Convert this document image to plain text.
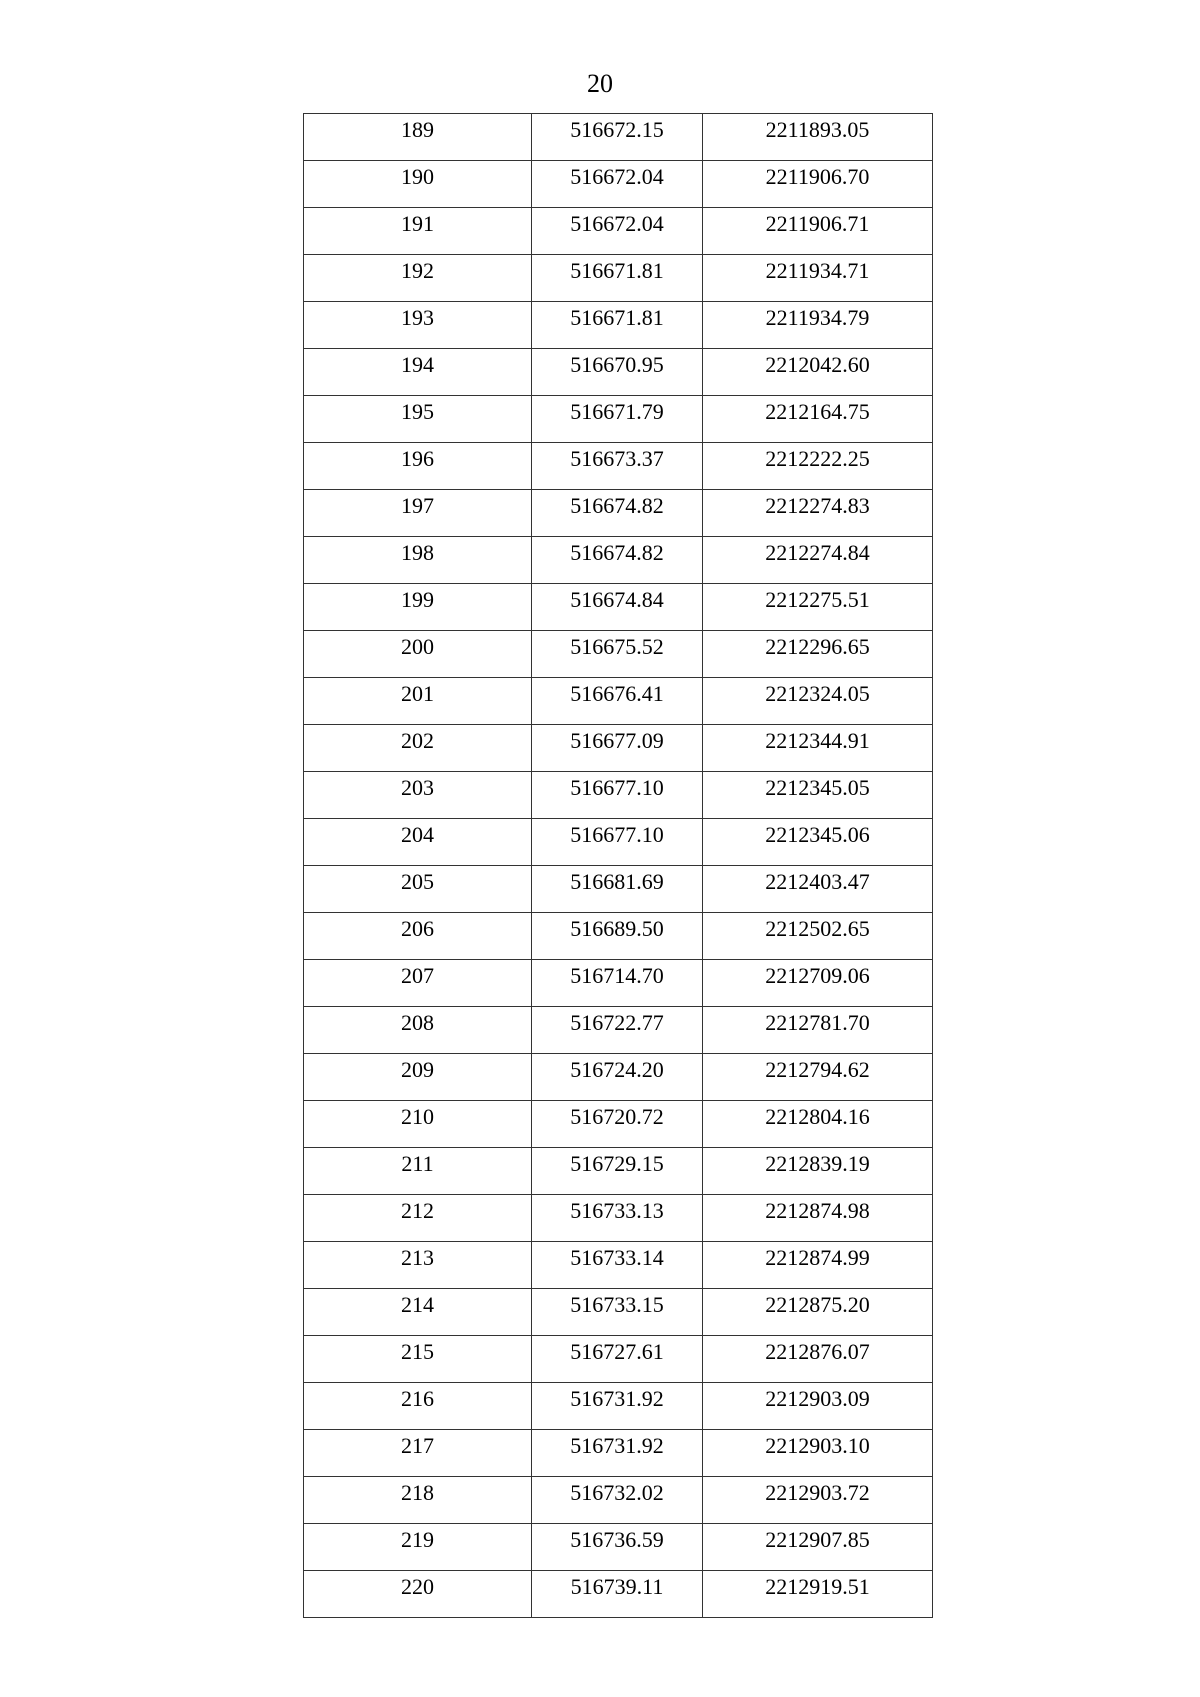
20
189	516672.15	2211893.05
190	516672.04	2211906.70
191	516672.04	2211906.71
192	516671.81	2211934.71
193	516671.81	2211934.79
194	516670.95	2212042.60
195	516671.79	2212164.75
196	516673.37	2212222.25
197	516674.82	2212274.83
198	516674.82	2212274.84
199	516674.84	2212275.51
200	516675.52	2212296.65
201	516676.41	2212324.05
202	516677.09	2212344.91
203	516677.10	2212345.05
204	516677.10	2212345.06
205	516681.69	2212403.47
206	516689.50	2212502.65
207	516714.70	2212709.06
208	516722.77	2212781.70
209	516724.20	2212794.62
210	516720.72	2212804.16
211	516729.15	2212839.19
212	516733.13	2212874.98
213	516733.14	2212874.99
214	516733.15	2212875.20
215	516727.61	2212876.07
216	516731.92	2212903.09
217	516731.92	2212903.10
218	516732.02	2212903.72
219	516736.59	2212907.85
220	516739.11	2212919.51
